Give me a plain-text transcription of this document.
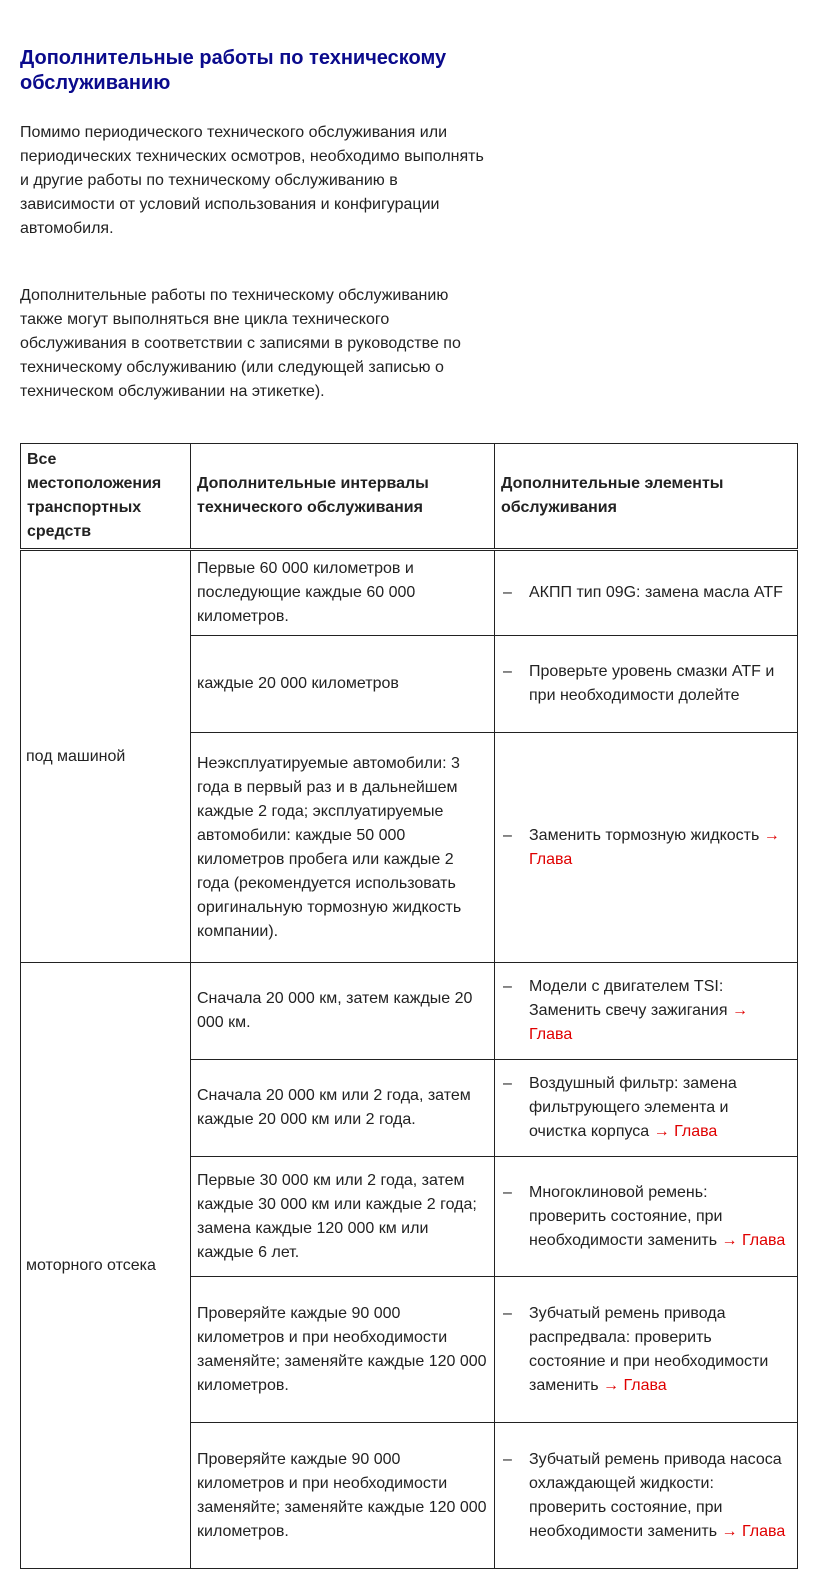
Дополнительные работы по техническому обслуживанию

Помимо периодического технического обслуживания или периодических технических осмотров, необходимо выполнять и другие работы по техническому обслуживанию в зависимости от условий использования и конфигурации автомобиля.

Дополнительные работы по техническому обслуживанию также могут выполняться вне цикла технического обслуживания в соответствии с записями в руководстве по техническому обслуживанию (или следующей записью о техническом обслуживании на этикетке).

Все местоположения транспортных средств	Дополнительные интервалы технического обслуживания	Дополнительные элементы обслуживания
под машиной	Первые 60 000 километров и последующие каждые 60 000 километров.	– АКПП тип 09G: замена масла ATF

	каждые 20 000 километров	– Проверьте уровень смазки ATF и при необходимости долейте

	Неэксплуатируемые автомобили: 3 года в первый раз и в дальнейшем каждые 2 года; эксплуатируемые автомобили: каждые 50 000 километров пробега или каждые 2 года (рекомендуется использовать оригинальную тормозную жидкость компании).	– Заменить тормозную жидкость → Глава

моторного отсека	Сначала 20 000 км, затем каждые 20 000 км.	– Модели с двигателем TSI: Заменить свечу зажигания → Глава

	Сначала 20 000 км или 2 года, затем каждые 20 000 км или 2 года.	– Воздушный фильтр: замена фильтрующего элемента и очистка корпуса → Глава

	Первые 30 000 км или 2 года, затем каждые 30 000 км или каждые 2 года; замена каждые 120 000 км или каждые 6 лет.	– Многоклиновой ремень: проверить состояние, при необходимости заменить → Глава

	Проверяйте каждые 90 000 километров и при необходимости заменяйте; заменяйте каждые 120 000 километров.	– Зубчатый ремень привода распредвала: проверить состояние и при необходимости заменить → Глава

	Проверяйте каждые 90 000 километров и при необходимости заменяйте; заменяйте каждые 120 000 километров.	– Зубчатый ремень привода насоса охлаждающей жидкости: проверить состояние, при необходимости заменить → Глава
